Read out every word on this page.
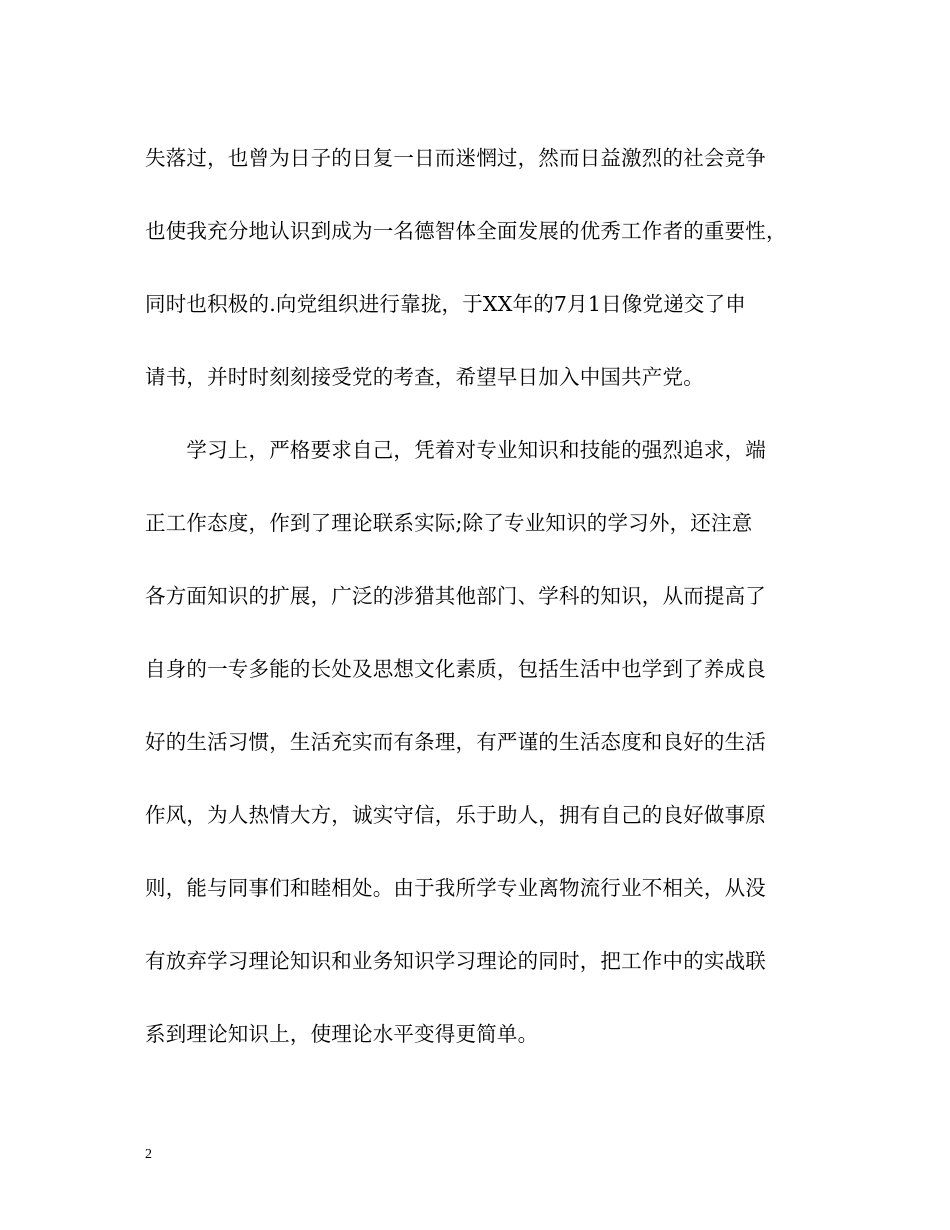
失落过，也曾为日子的日复一日而迷惘过，然而日益激烈的社会竞争
也使我充分地认识到成为一名德智体全面发展的优秀工作者的重要性，
同时也积极的.向党组织进行靠拢，于XX年的7月1日像党递交了申
请书，并时时刻刻接受党的考查，希望早日加入中国共产党。
　　学习上，严格要求自己，凭着对专业知识和技能的强烈追求，端
正工作态度，作到了理论联系实际;除了专业知识的学习外，还注意
各方面知识的扩展，广泛的涉猎其他部门、学科的知识，从而提高了
自身的一专多能的长处及思想文化素质，包括生活中也学到了养成良
好的生活习惯，生活充实而有条理，有严谨的生活态度和良好的生活
作风，为人热情大方，诚实守信，乐于助人，拥有自己的良好做事原
则，能与同事们和睦相处。由于我所学专业离物流行业不相关，从没
有放弃学习理论知识和业务知识学习理论的同时，把工作中的实战联
系到理论知识上，使理论水平变得更简单。
2
